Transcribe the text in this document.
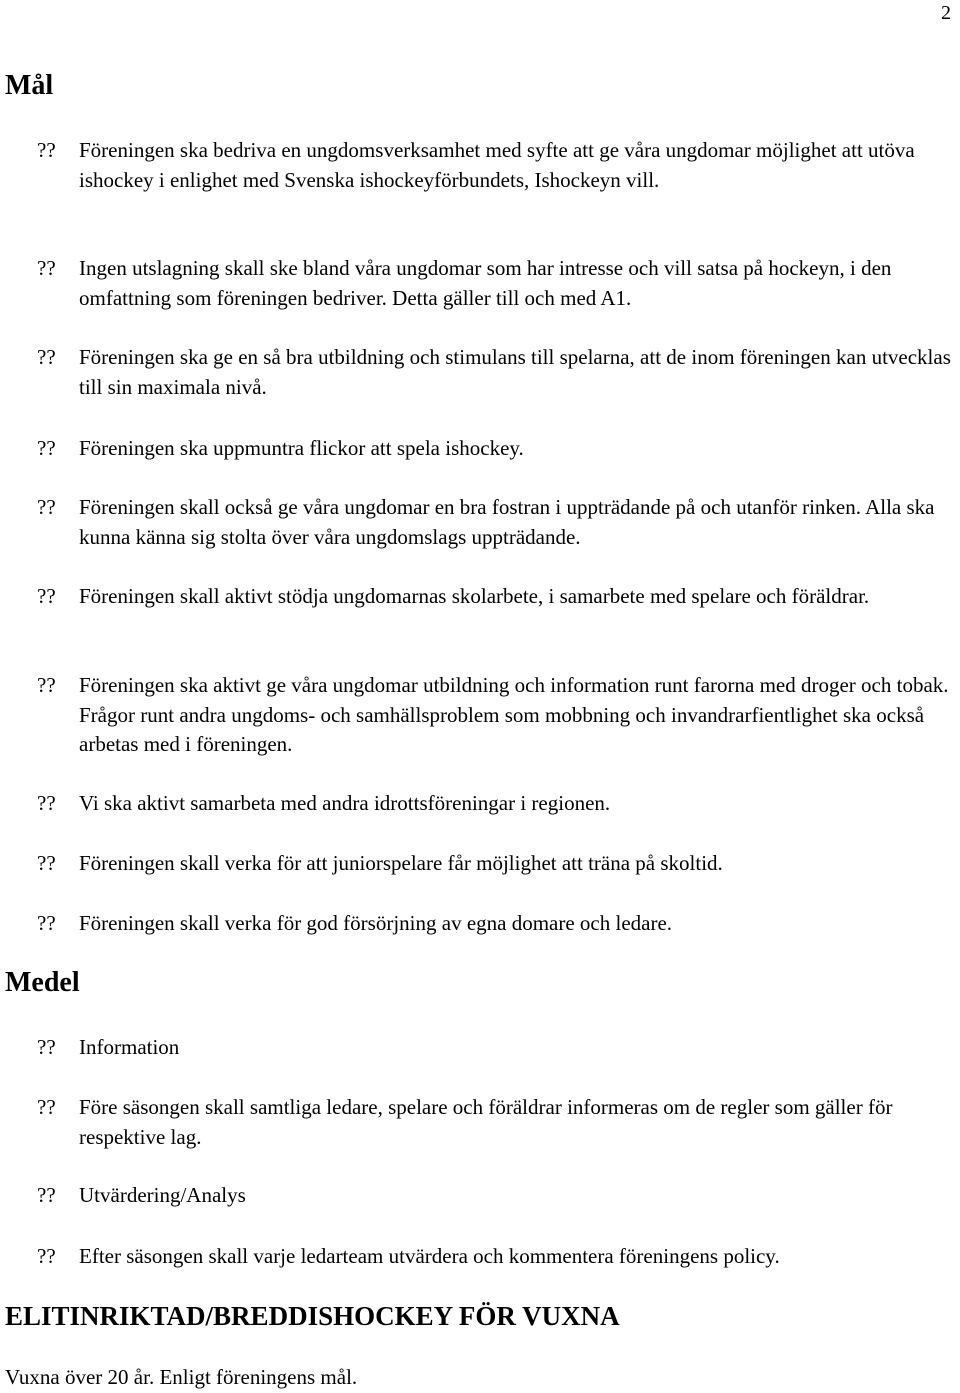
2
Mål

??	Föreningen ska bedriva en ungdomsverksamhet med syfte att ge våra ungdomar möjlighet att utöva ishockey i enlighet med Svenska ishockeyförbundets, Ishockeyn vill.

??	Ingen utslagning skall ske bland våra ungdomar som har intresse och vill satsa på hockeyn, i den omfattning som föreningen bedriver. Detta gäller till och med A1.

??	Föreningen ska ge en så bra utbildning och stimulans till spelarna, att de inom föreningen kan utvecklas till sin maximala nivå.

??	Föreningen ska uppmuntra flickor att spela ishockey.

??	Föreningen skall också ge våra ungdomar en bra fostran i uppträdande på och utanför rinken. Alla ska kunna känna sig stolta över våra ungdomslags uppträdande.

??	Föreningen skall aktivt stödja ungdomarnas skolarbete, i samarbete med spelare och föräldrar.

??	Föreningen ska aktivt ge våra ungdomar utbildning och information runt farorna med droger och tobak. Frågor runt andra ungdoms- och samhällsproblem som mobbning och invandrarfientlighet ska också arbetas med i föreningen.

??	Vi ska aktivt samarbeta med andra idrottsföreningar i regionen.

??	Föreningen skall verka för att juniorspelare får möjlighet att träna på skoltid.

??	Föreningen skall verka för god försörjning av egna domare och ledare.

Medel

??	Information

??	Före säsongen skall samtliga ledare, spelare och föräldrar informeras om de regler som gäller för respektive lag.

??	Utvärdering/Analys

??	Efter säsongen skall varje ledarteam utvärdera och kommentera föreningens policy.

ELITINRIKTAD/BREDDISHOCKEY FÖR VUXNA

Vuxna över 20 år. Enligt föreningens mål.
